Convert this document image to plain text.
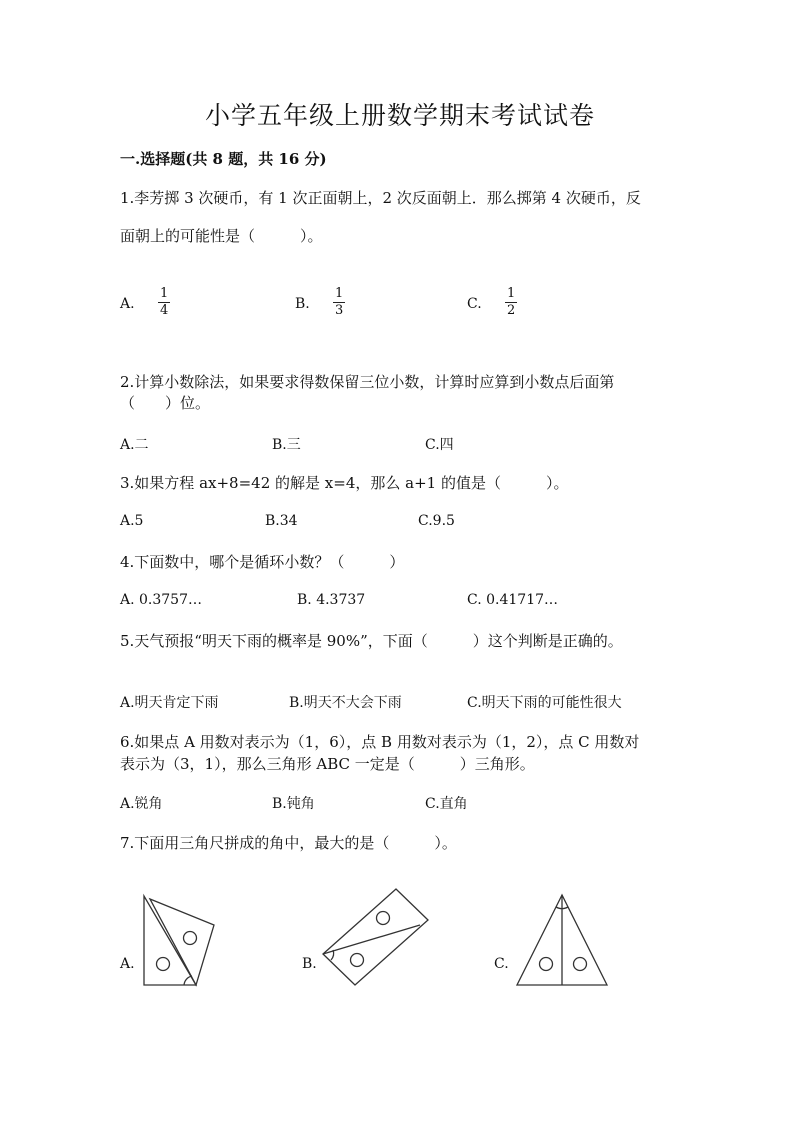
小学五年级上册数学期末考试试卷
一.选择题(共 8 题，共 16 分)
1.李芳掷 3 次硬币，有 1 次正面朝上，2 次反面朝上．那么掷第 4 次硬币，反
面朝上的可能性是（　　　）。
A. $\frac{1}{4}$	B. $\frac{1}{3}$	C. $\frac{1}{2}$
2.计算小数除法，如果要求得数保留三位小数，计算时应算到小数点后面第
（　　）位。
A.二	B.三	C.四
3.如果方程 ax+8=42 的解是 x=4，那么 a+1 的值是（　　　）。
A.5	B.34	C.9.5
4.下面数中，哪个是循环小数？（　　　）
A. 0.3757…	B. 4.3737	C. 0.41717…
5.天气预报“明天下雨的概率是 90%”，下面（　　　）这个判断是正确的。
A.明天肯定下雨	B.明天不大会下雨	C.明天下雨的可能性很大
6.如果点 A 用数对表示为（1，6），点 B 用数对表示为（1，2），点 C 用数对
表示为（3，1），那么三角形 ABC 一定是（　　　）三角形。
A.锐角	B.钝角	C.直角
7.下面用三角尺拼成的角中，最大的是（　　　）。
A.	B.	C.
